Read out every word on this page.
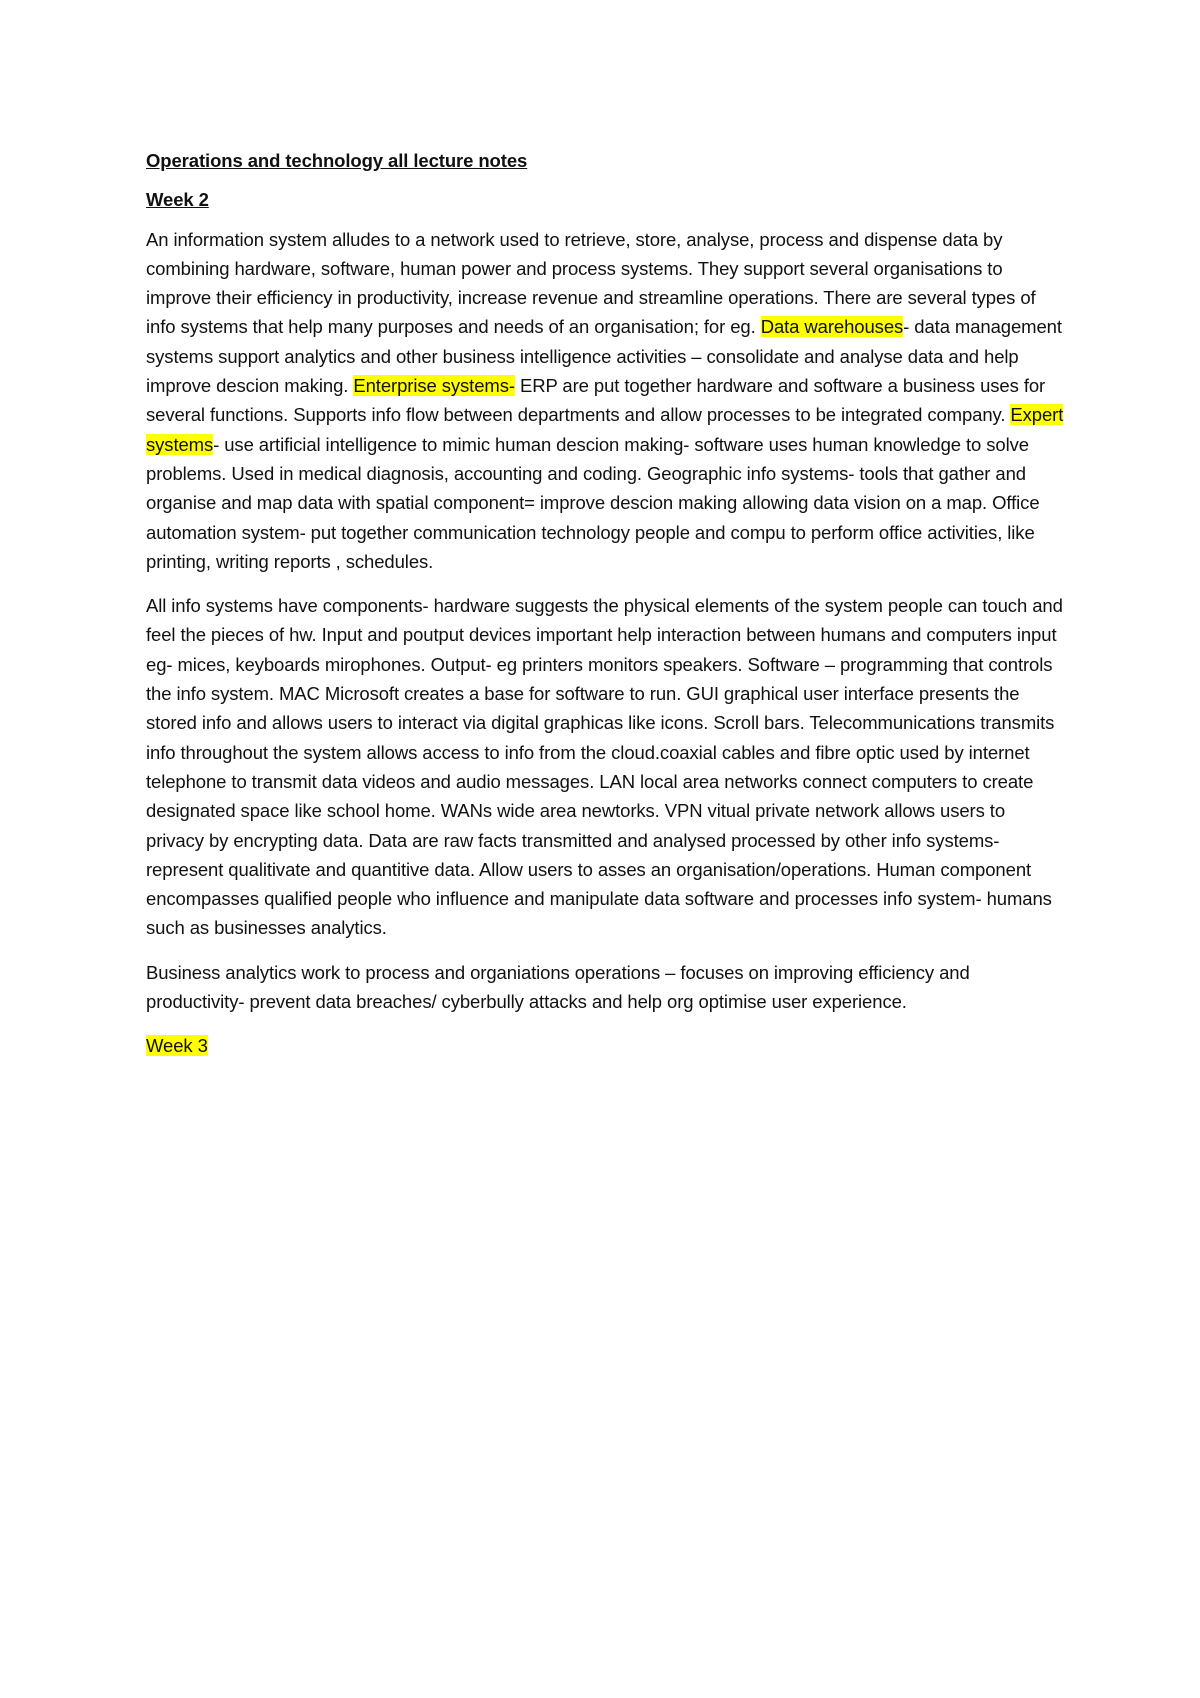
Operations and technology all lecture notes
Week 2

An information system alludes to a network used to retrieve, store, analyse, process and dispense data by combining hardware, software, human power and process systems. They support several organisations to improve their efficiency in productivity, increase revenue and streamline operations. There are several types of info systems that help many purposes and needs of an organisation; for eg. Data warehouses- data management systems support analytics and other business intelligence activities – consolidate and analyse data and help improve descion making. Enterprise systems- ERP are put together hardware and software a business uses for several functions. Supports info flow between departments and allow processes to be integrated company. Expert systems- use artificial intelligence to mimic human descion making- software uses human knowledge to solve problems. Used in medical diagnosis, accounting and coding. Geographic info systems- tools that gather and organise and map data with spatial component= improve descion making allowing data vision on a map. Office automation system- put together communication technology people and compu to perform office activities, like printing, writing reports , schedules.

All info systems have components- hardware suggests the physical elements of the system people can touch and feel the pieces of hw. Input and poutput devices important help interaction between humans and computers input eg- mices, keyboards mirophones. Output- eg printers monitors speakers. Software – programming that controls the info system. MAC Microsoft creates a base for software to run. GUI graphical user interface presents the stored info and allows users to interact via digital graphicas like icons. Scroll bars. Telecommunications transmits info throughout the system allows access to info from the cloud.coaxial cables and fibre optic used by internet telephone to transmit data videos and audio messages. LAN local area networks connect computers to create designated space like school home. WANs wide area newtorks. VPN vitual private network allows users to privacy by encrypting data. Data are raw facts transmitted and analysed processed by other info systems- represent qualitivate and quantitive data. Allow users to asses an organisation/operations. Human component encompasses qualified people who influence and manipulate data software and processes info system- humans such as businesses analytics.

Business analytics work to process and organiations operations – focuses on improving efficiency and productivity- prevent data breaches/ cyberbully attacks and help org optimise user experience.

Week 3
